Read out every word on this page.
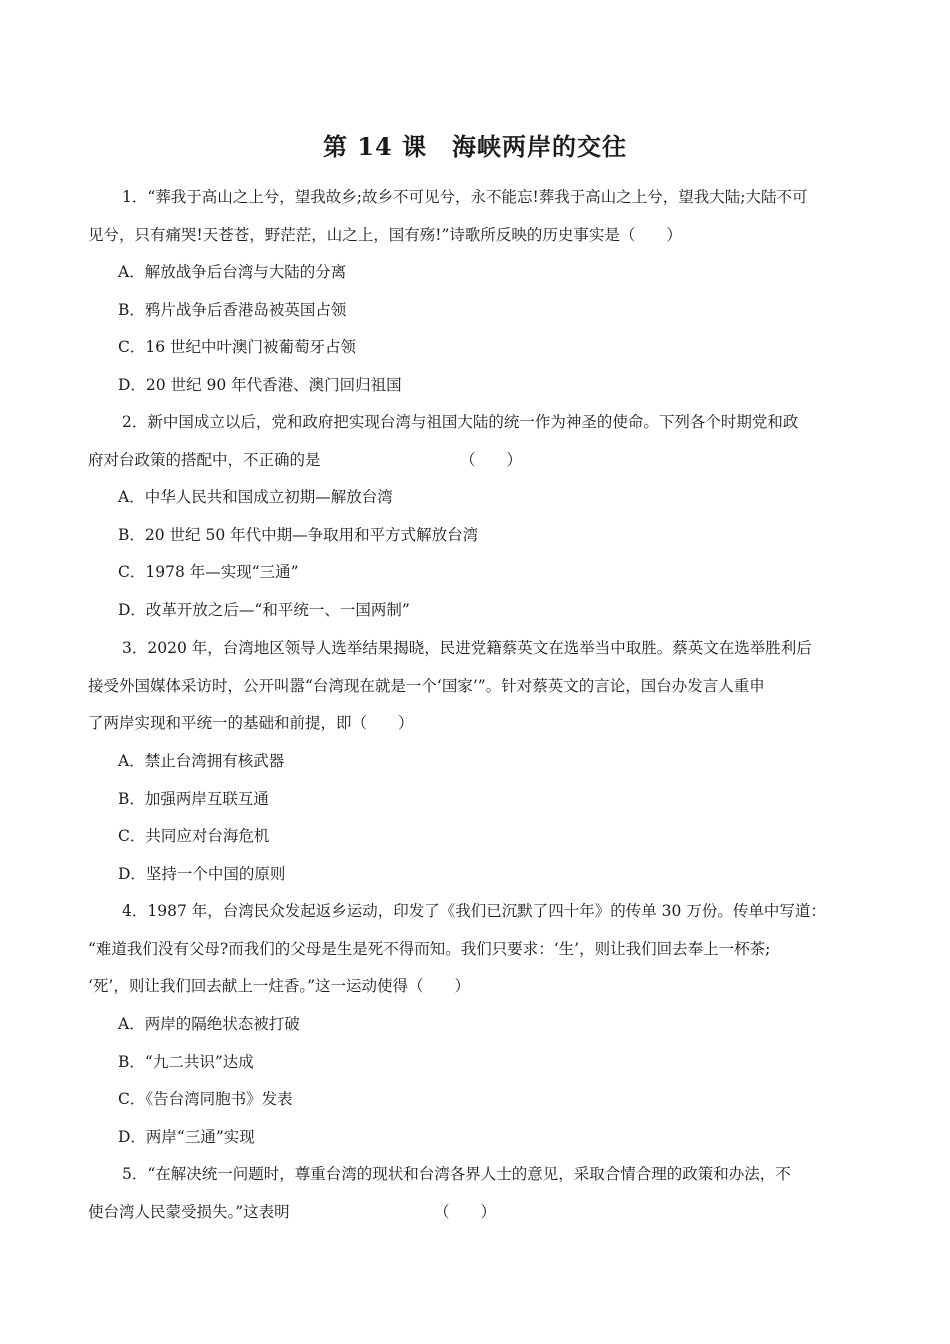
第 14 课　海峡两岸的交往
1．“葬我于高山之上兮，望我故乡;故乡不可见兮，永不能忘!葬我于高山之上兮，望我大陆;大陆不可
见兮，只有痛哭!天苍苍，野茫茫，山之上，国有殇!”诗歌所反映的历史事实是（　　）
A．解放战争后台湾与大陆的分离
B．鸦片战争后香港岛被英国占领
C．16 世纪中叶澳门被葡萄牙占领
D．20 世纪 90 年代香港、澳门回归祖国
2．新中国成立以后，党和政府把实现台湾与祖国大陆的统一作为神圣的使命。下列各个时期党和政
府对台政策的搭配中，不正确的是	（　　）
A．中华人民共和国成立初期—解放台湾
B．20 世纪 50 年代中期—争取用和平方式解放台湾
C．1978 年—实现“三通”
D．改革开放之后—“和平统一、一国两制”
3．2020 年，台湾地区领导人选举结果揭晓，民进党籍蔡英文在选举当中取胜。蔡英文在选举胜利后
接受外国媒体采访时，公开叫嚣“台湾现在就是一个‘国家’”。针对蔡英文的言论，国台办发言人重申
了两岸实现和平统一的基础和前提，即（　　）
A．禁止台湾拥有核武器
B．加强两岸互联互通
C．共同应对台海危机
D．坚持一个中国的原则
4．1987 年，台湾民众发起返乡运动，印发了《我们已沉默了四十年》的传单 30 万份。传单中写道：
“难道我们没有父母?而我们的父母是生是死不得而知。我们只要求：‘生’，则让我们回去奉上一杯茶;
‘死’，则让我们回去献上一炷香。”这一运动使得（　　）
A．两岸的隔绝状态被打破
B．“九二共识”达成
C．《告台湾同胞书》发表
D．两岸“三通”实现
5．“在解决统一问题时，尊重台湾的现状和台湾各界人士的意见，采取合情合理的政策和办法，不
使台湾人民蒙受损失。”这表明	（　　）
